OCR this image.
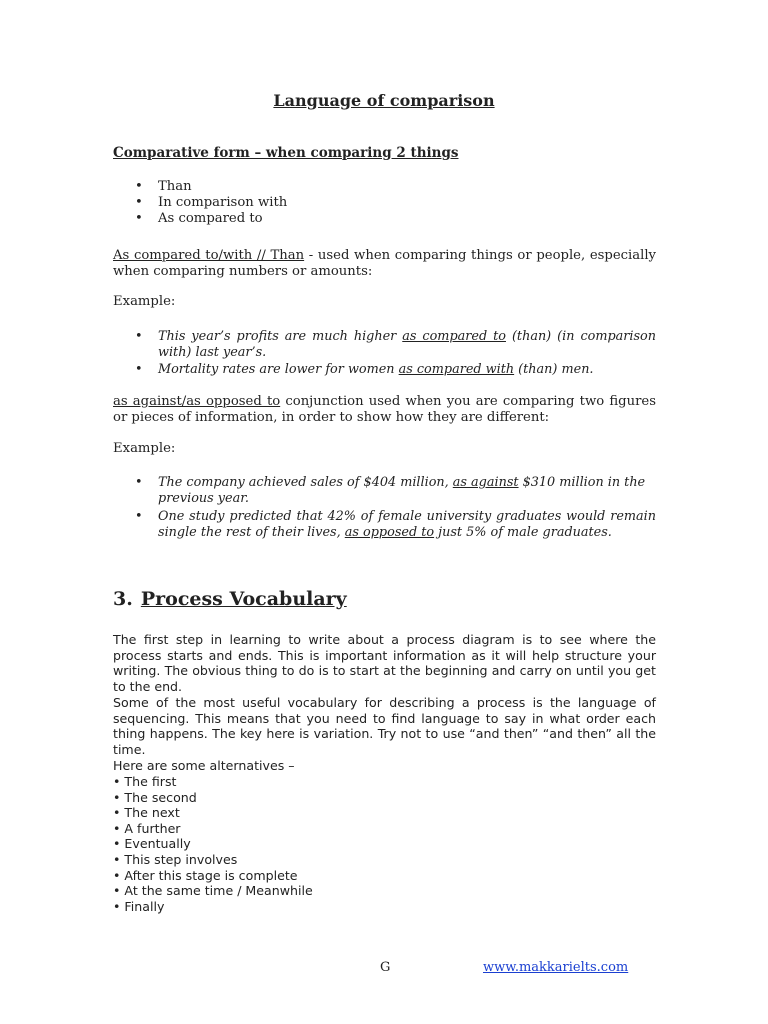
Language of comparison
Comparative form – when comparing 2 things
• Than
• In comparison with
• As compared to
As compared to/with // Than - used when comparing things or people, especially when comparing numbers or amounts:
Example:
• This year’s profits are much higher as compared to (than) (in comparison with) last year’s.
• Mortality rates are lower for women as compared with (than) men.
as against/as opposed to conjunction used when you are comparing two figures or pieces of information, in order to show how they are different:
Example:
• The company achieved sales of $404 million, as against $310 million in the previous year.
• One study predicted that 42% of female university graduates would remain single the rest of their lives, as opposed to just 5% of male graduates.
3. Process Vocabulary
The first step in learning to write about a process diagram is to see where the process starts and ends. This is important information as it will help structure your writing. The obvious thing to do is to start at the beginning and carry on until you get to the end.
Some of the most useful vocabulary for describing a process is the language of sequencing. This means that you need to find language to say in what order each thing happens. The key here is variation. Try not to use “and then” “and then” all the time.
Here are some alternatives –
• The first
• The second
• The next
• A further
• Eventually
• This step involves
• After this stage is complete
• At the same time / Meanwhile
• Finally
G	www.makkarielts.com
